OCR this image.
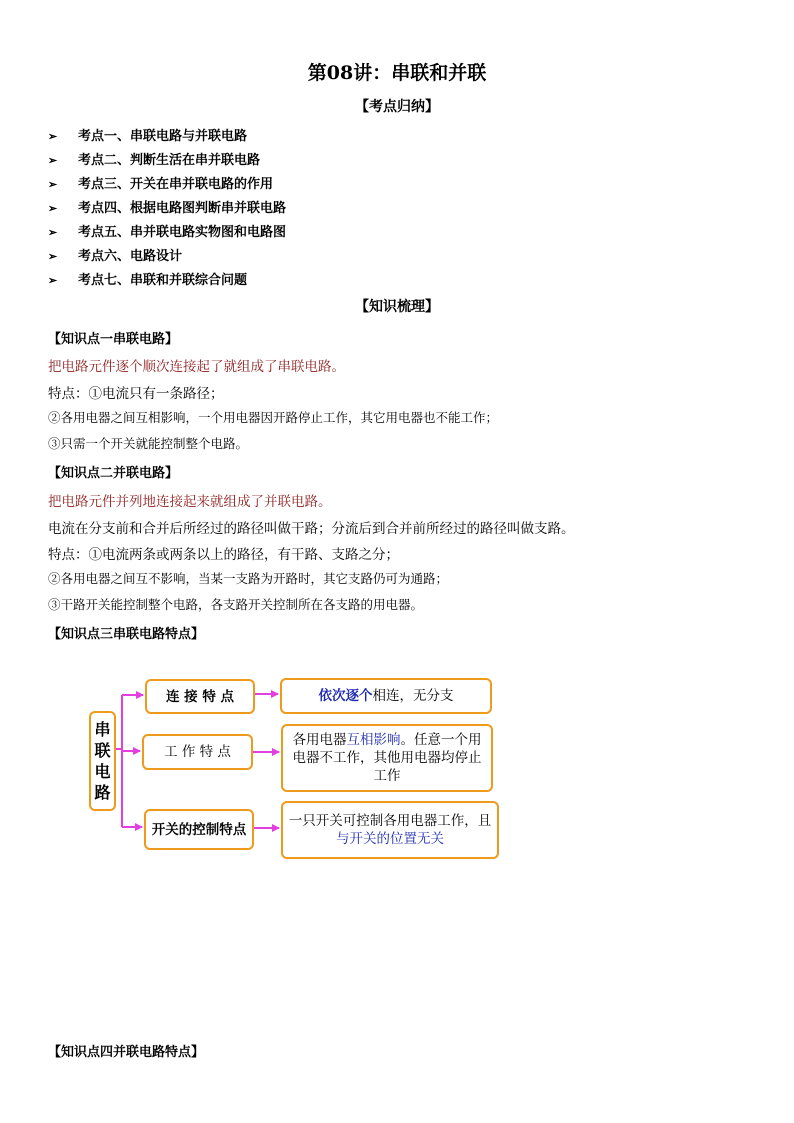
第08讲：串联和并联
【考点归纳】
➢ 考点一、串联电路与并联电路
➢ 考点二、判断生活在串并联电路
➢ 考点三、开关在串并联电路的作用
➢ 考点四、根据电路图判断串并联电路
➢ 考点五、串并联电路实物图和电路图
➢ 考点六、电路设计
➢ 考点七、串联和并联综合问题
【知识梳理】
【知识点一串联电路】
把电路元件逐个顺次连接起了就组成了串联电路。
特点：①电流只有一条路径；
②各用电器之间互相影响，一个用电器因开路停止工作，其它用电器也不能工作；
③只需一个开关就能控制整个电路。
【知识点二并联电路】
把电路元件并列地连接起来就组成了并联电路。
电流在分支前和合并后所经过的路径叫做干路；分流后到合并前所经过的路径叫做支路。
特点：①电流两条或两条以上的路径，有干路、支路之分；
②各用电器之间互不影响，当某一支路为开路时，其它支路仍可为通路；
③干路开关能控制整个电路，各支路开关控制所在各支路的用电器。
【知识点三串联电路特点】
串联电路
连 接 特 点
工 作 特 点
开关的控制特点
依次逐个相连，无分支
各用电器互相影响。任意一个用电器不工作，其他用电器均停止工作
一只开关可控制各用电器工作，且与开关的位置无关
【知识点四并联电路特点】
